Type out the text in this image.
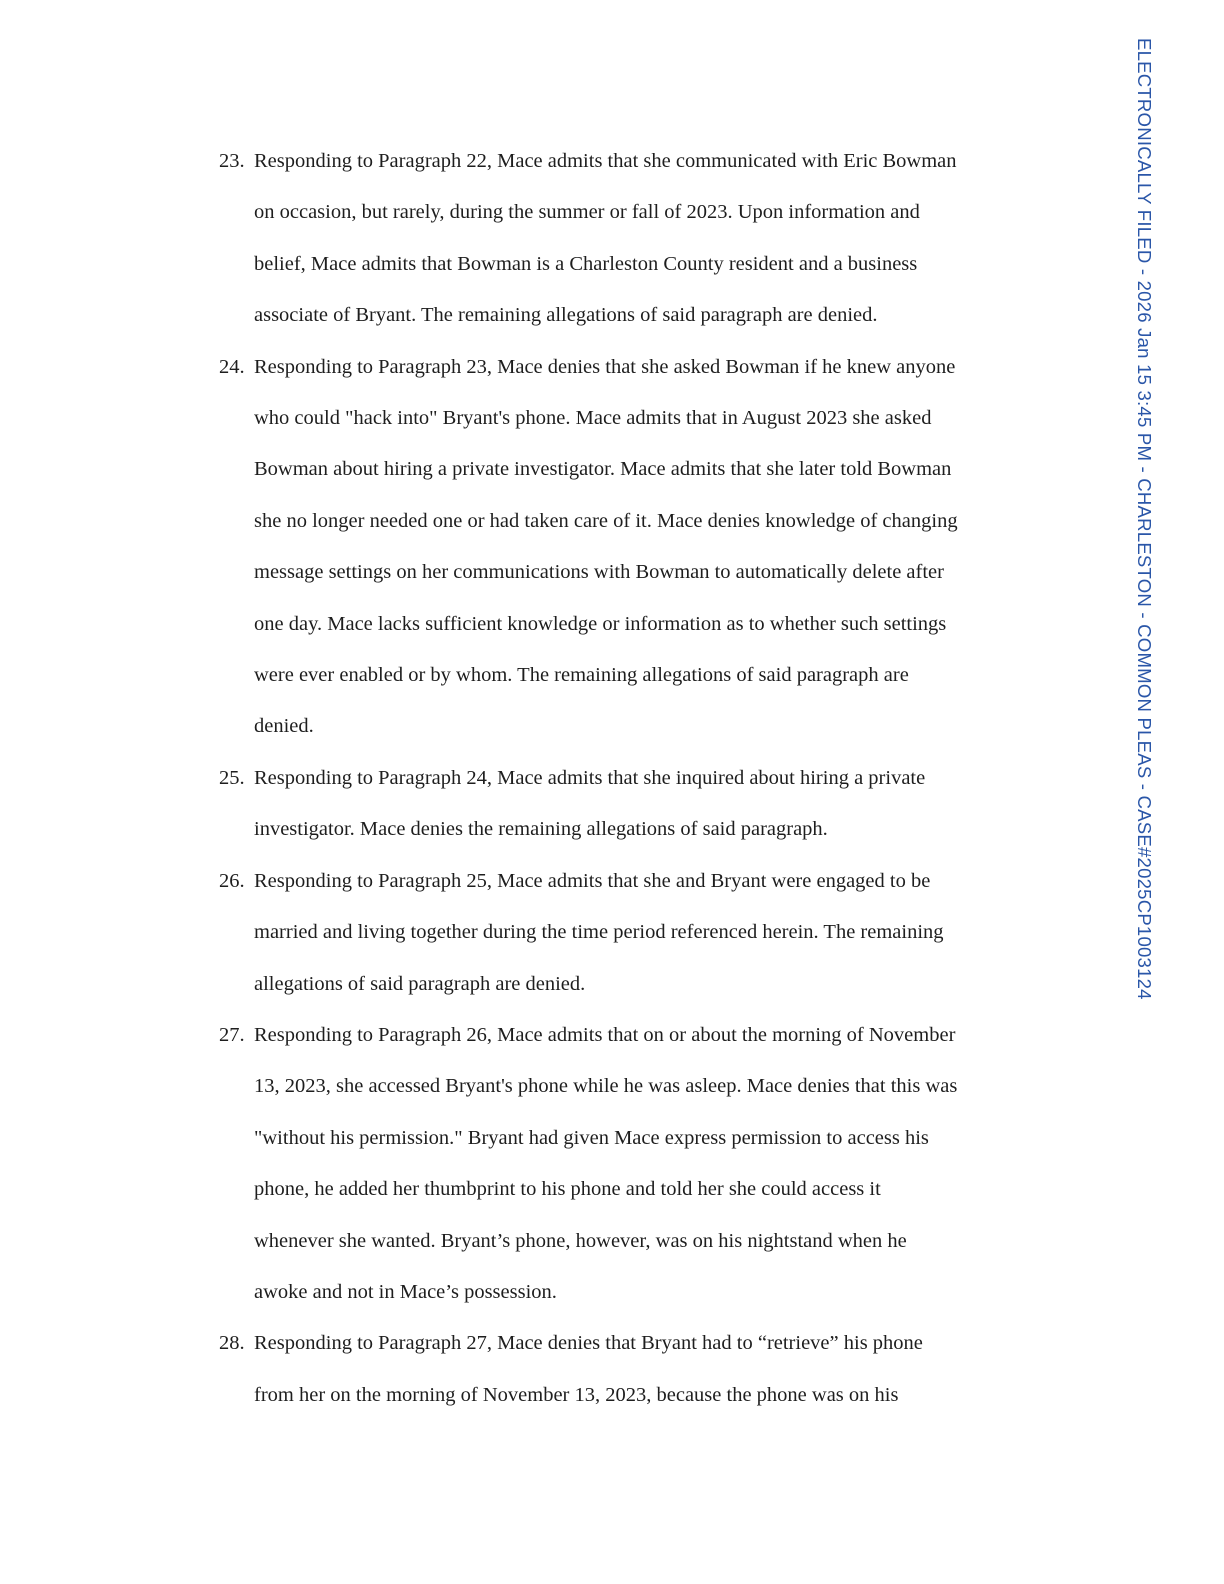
ELECTRONICALLY FILED - 2026 Jan 15 3:45 PM - CHARLESTON - COMMON PLEAS - CASE#2025CP1003124
23. Responding to Paragraph 22, Mace admits that she communicated with Eric Bowman
on occasion, but rarely, during the summer or fall of 2023. Upon information and
belief, Mace admits that Bowman is a Charleston County resident and a business
associate of Bryant. The remaining allegations of said paragraph are denied.
24. Responding to Paragraph 23, Mace denies that she asked Bowman if he knew anyone
who could "hack into" Bryant's phone. Mace admits that in August 2023 she asked
Bowman about hiring a private investigator. Mace admits that she later told Bowman
she no longer needed one or had taken care of it. Mace denies knowledge of changing
message settings on her communications with Bowman to automatically delete after
one day. Mace lacks sufficient knowledge or information as to whether such settings
were ever enabled or by whom. The remaining allegations of said paragraph are
denied.
25. Responding to Paragraph 24, Mace admits that she inquired about hiring a private
investigator. Mace denies the remaining allegations of said paragraph.
26. Responding to Paragraph 25, Mace admits that she and Bryant were engaged to be
married and living together during the time period referenced herein. The remaining
allegations of said paragraph are denied.
27. Responding to Paragraph 26, Mace admits that on or about the morning of November
13, 2023, she accessed Bryant's phone while he was asleep. Mace denies that this was
"without his permission." Bryant had given Mace express permission to access his
phone, he added her thumbprint to his phone and told her she could access it
whenever she wanted. Bryant’s phone, however, was on his nightstand when he
awoke and not in Mace’s possession.
28. Responding to Paragraph 27, Mace denies that Bryant had to “retrieve” his phone
from her on the morning of November 13, 2023, because the phone was on his
